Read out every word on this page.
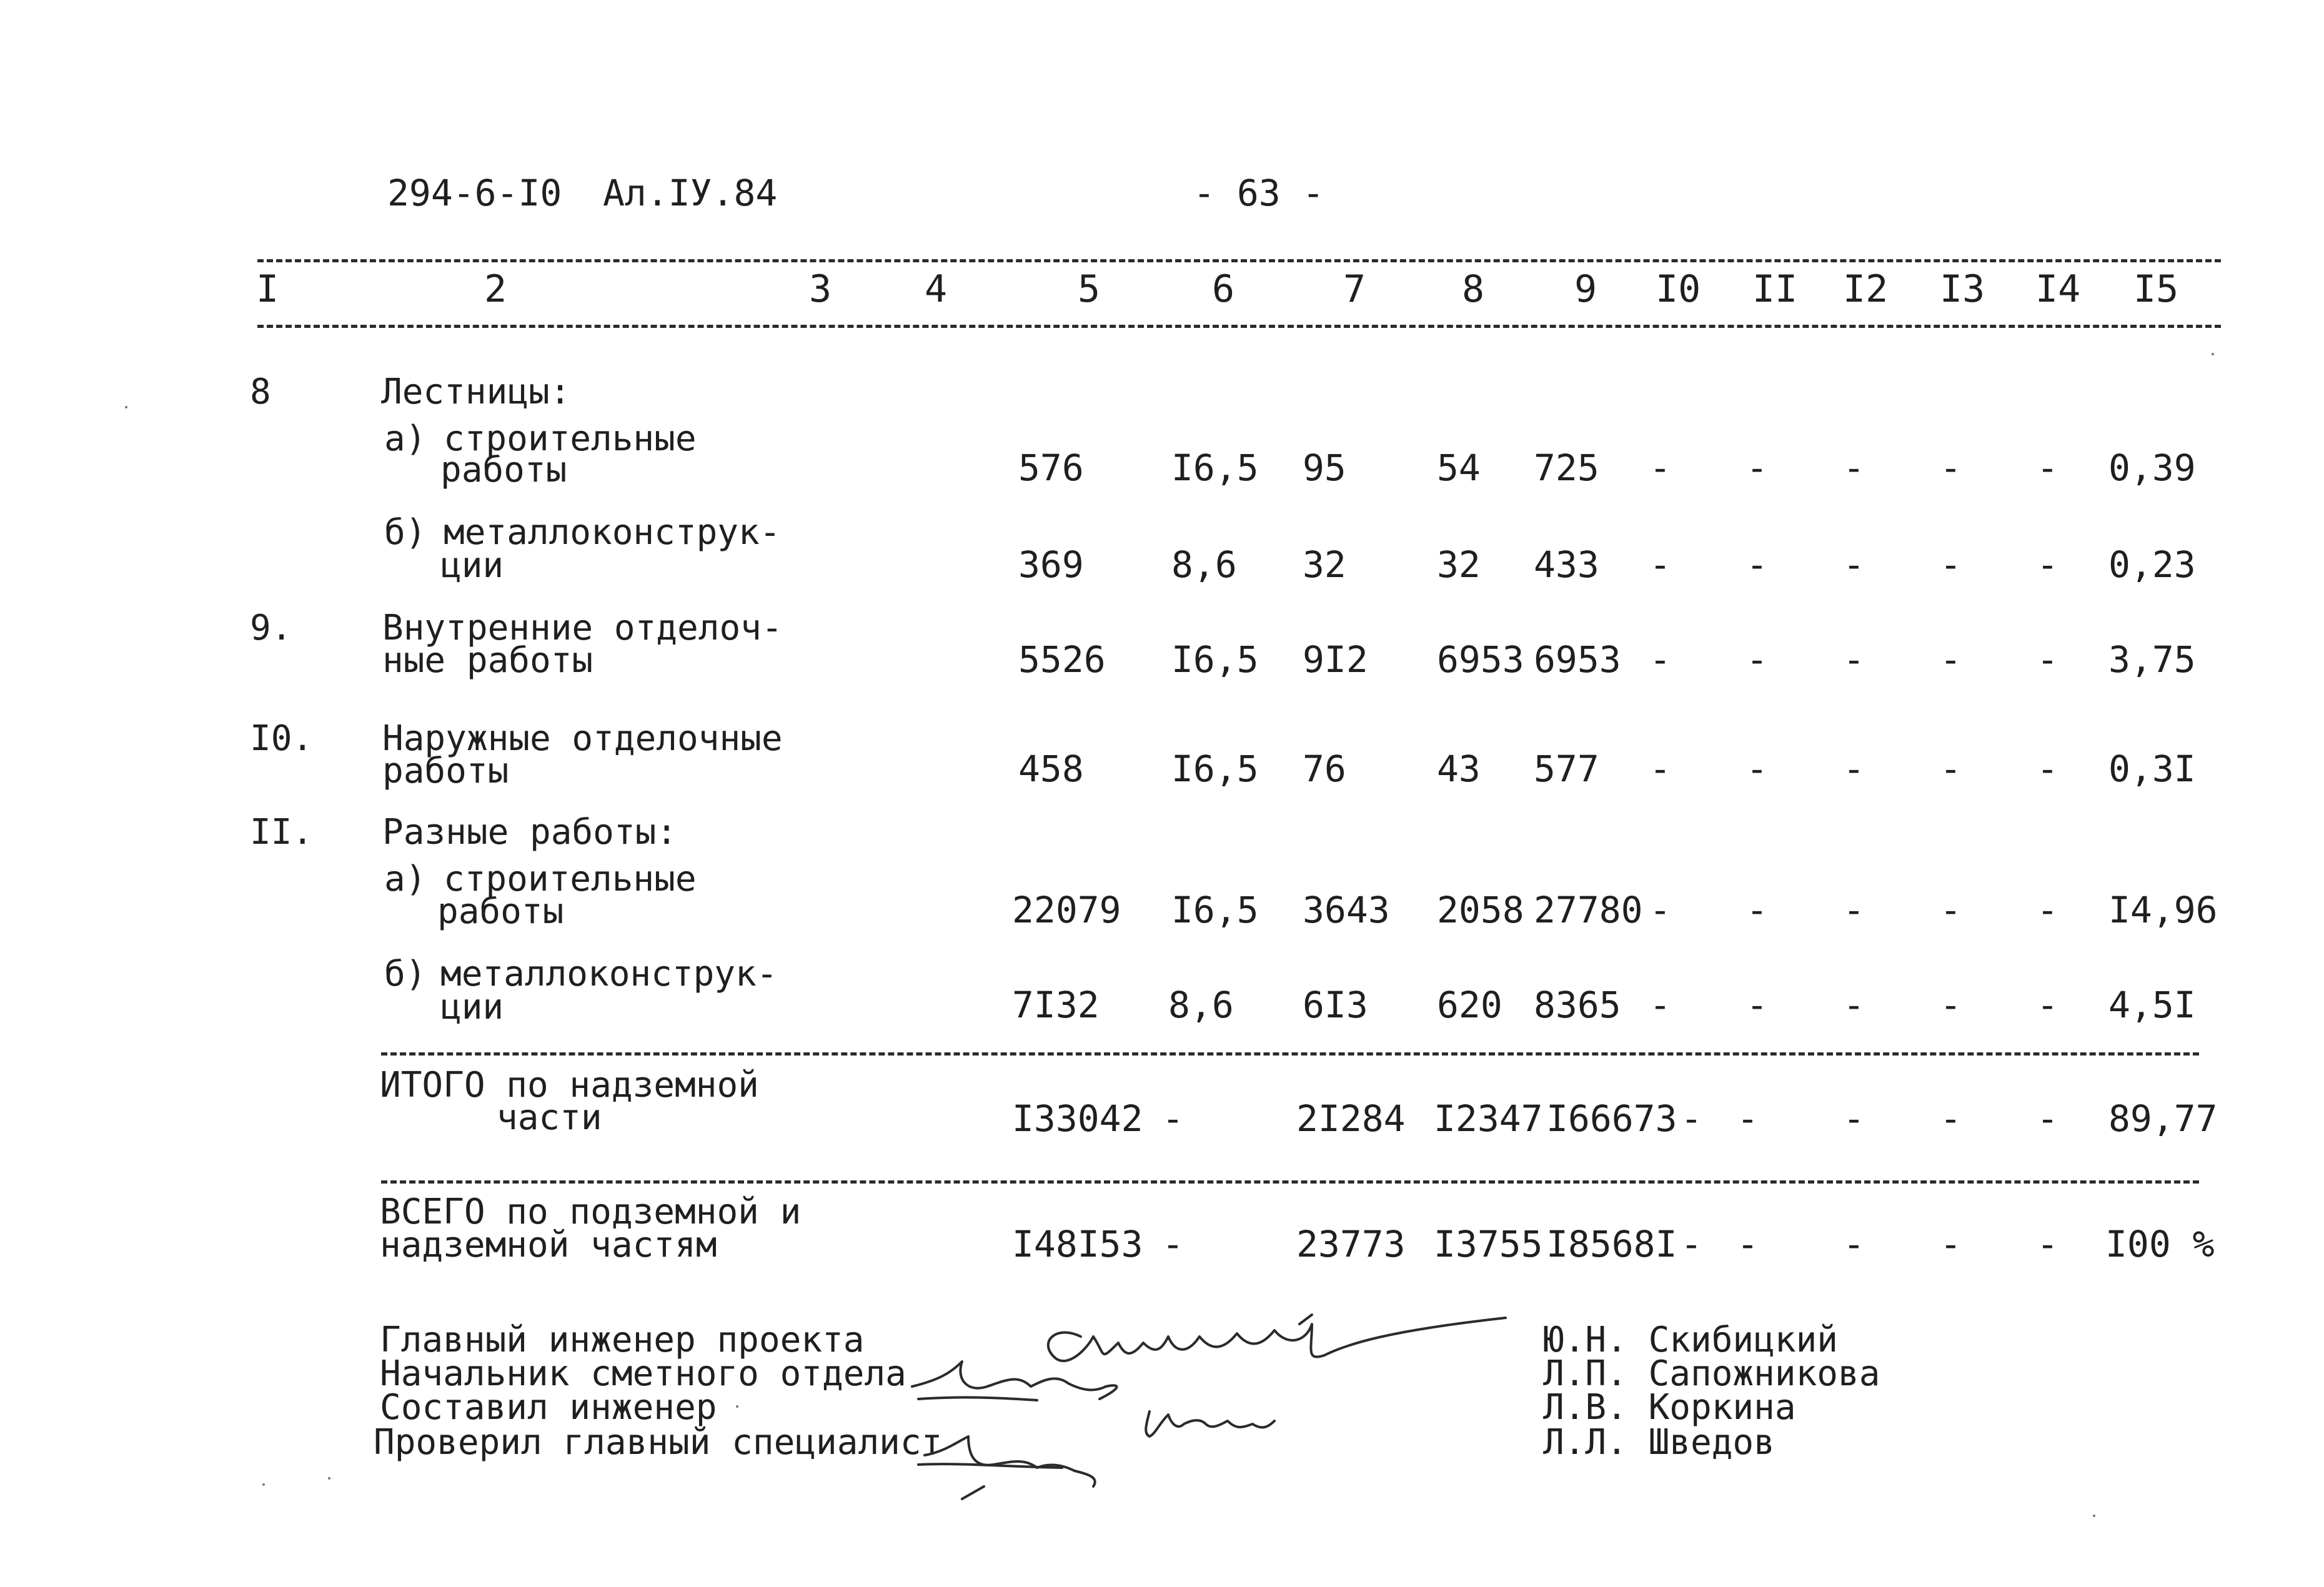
294-6-I0 Ал.IУ.84	- 63 -
I	2	3 4	5	6	7	8 9 I0 II I2 I3 I4 I5
8	Лестницы:
а) строительные
работы	576 I6,5 95	54 725 - - - - - 0,39
б) металлоконструк-
ции	369 8,6 32	32 433 - - - - - 0,23
9.	Внутренние отделоч-
ные работы	5526 I6,5 9I2 6953 6953 - - - - - 3,75
I0. Наружные отделочные
работы	458 I6,5 76	43 577 - - - - - 0,3I
II. Разные работы:
а) строительные
работы	22079 I6,5 3643 2058 27780 - - - - - I4,96
б) металлоконструк-
ции	7I32 8,6 6I3 620 8365 - - - - - 4,5I
ИТОГО по надземной
части	I33042 -	2I284 I2347 I66673 - - - - - 89,77
ВСЕГО по подземной и
надземной частям	I48I53 -	23773 I3755 I8568I - - - - - I00 %
Главный инженер проекта
Начальник сметного отдела
Составил инженер
Проверил главный специалист
Ю.Н. Скибицкий
Л.П. Сапожникова
Л.В. Коркина
Л.Л. Шведов
